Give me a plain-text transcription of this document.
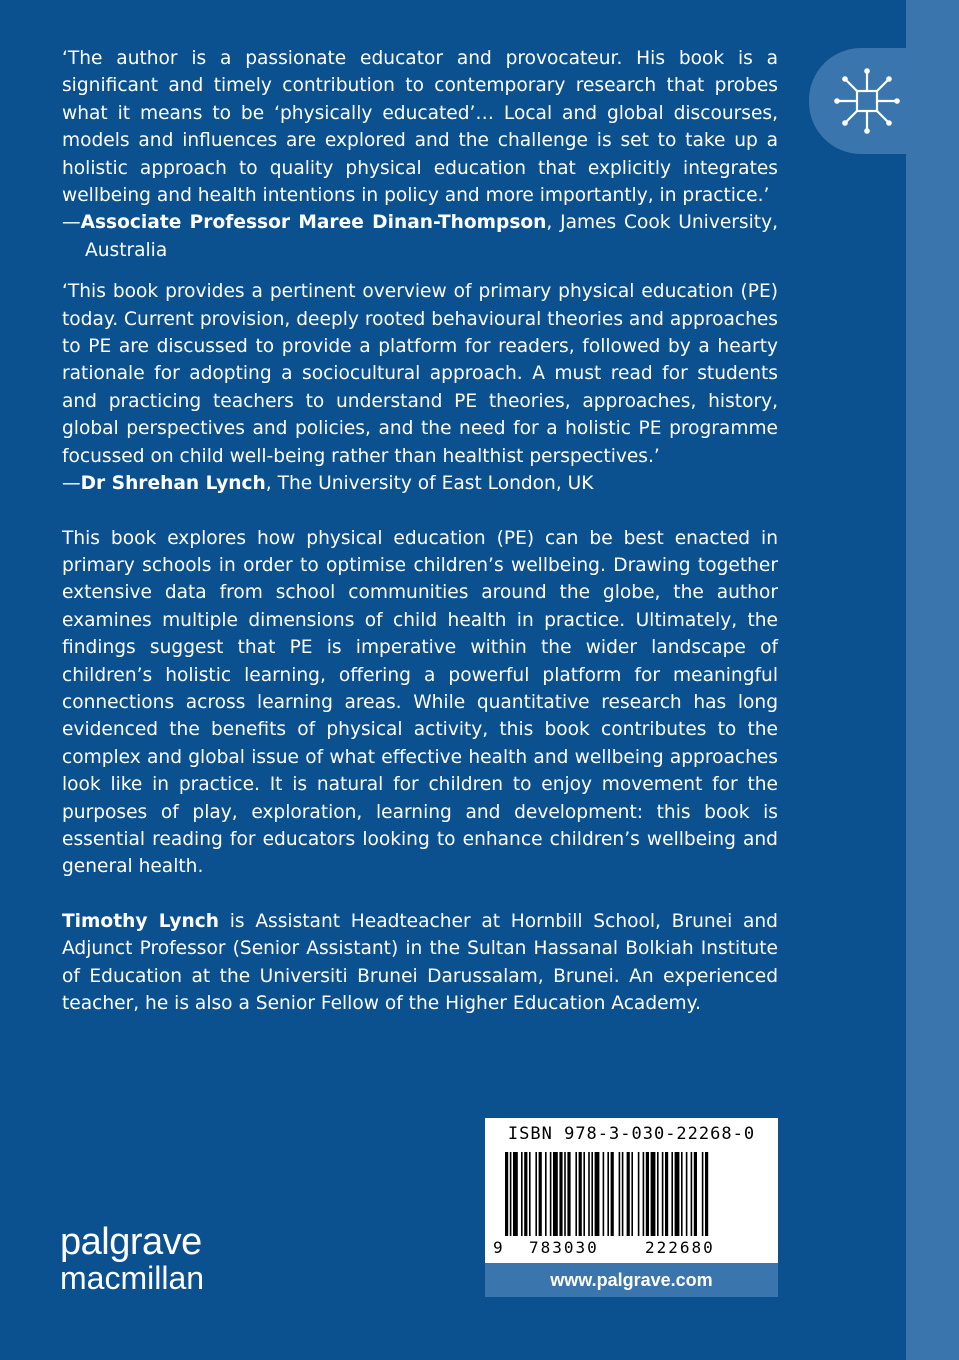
‘The author is a passionate educator and provocateur. His book is a significant and timely contribution to contemporary research that probes what it means to be ‘physically educated’… Local and global discourses, models and influences are explored and the challenge is set to take up a holistic approach to quality physical education that explicitly integrates wellbeing and health intentions in policy and more importantly, in practice.’

—Associate Professor Maree Dinan-Thompson, James Cook University, Australia

‘This book provides a pertinent overview of primary physical education (PE) today. Current provision, deeply rooted behavioural theories and approaches to PE are discussed to provide a platform for readers, followed by a hearty rationale for adopting a sociocultural approach. A must read for students and practicing teachers to understand PE theories, approaches, history, global perspectives and policies, and the need for a holistic PE programme focussed on child well-being rather than healthist perspectives.’

—Dr Shrehan Lynch, The University of East London, UK

This book explores how physical education (PE) can be best enacted in primary schools in order to optimise children’s wellbeing. Drawing together extensive data from school communities around the globe, the author examines multiple dimensions of child health in practice. Ultimately, the findings suggest that PE is imperative within the wider landscape of children’s holistic learning, offering a powerful platform for meaningful connections across learning areas. While quantitative research has long evidenced the benefits of physical activity, this book contributes to the complex and global issue of what effective health and wellbeing approaches look like in practice. It is natural for children to enjoy movement for the purposes of play, exploration, learning and development: this book is essential reading for educators looking to enhance children’s wellbeing and general health.

Timothy Lynch is Assistant Headteacher at Hornbill School, Brunei and Adjunct Professor (Senior Assistant) in the Sultan Hassanal Bolkiah Institute of Education at the Universiti Brunei Darussalam, Brunei. An experienced teacher, he is also a Senior Fellow of the Higher Education Academy.

ISBN 978-3-030-22268-0
9 783030	222680
www.palgrave.com
palgrave
macmillan
